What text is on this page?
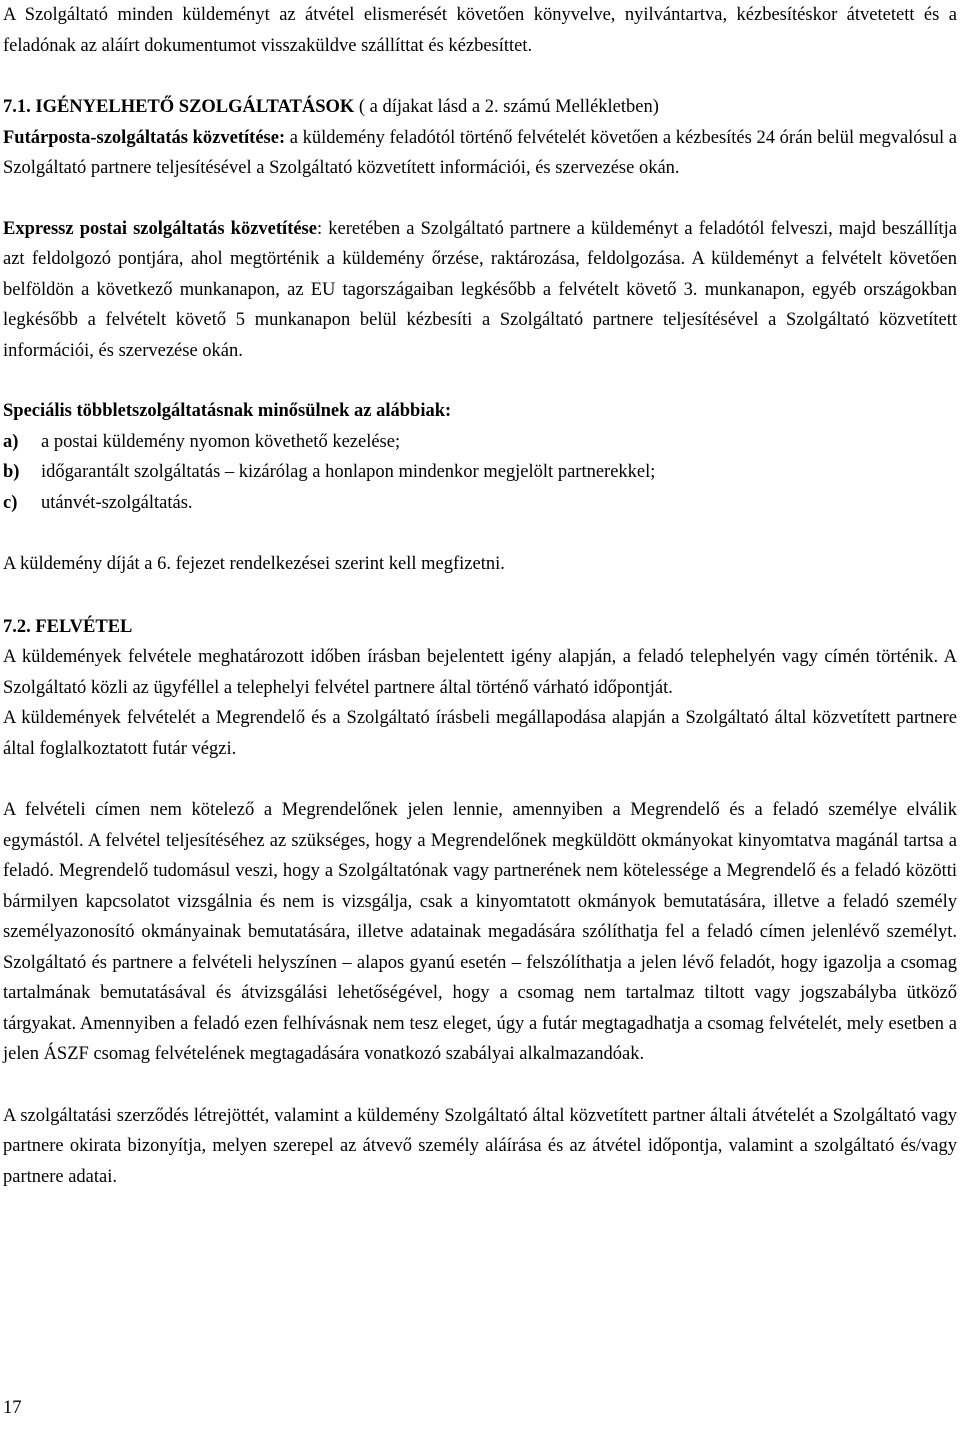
A Szolgáltató minden küldeményt az átvétel elismerését követően könyvelve, nyilvántartva, kézbesítéskor átvetetett és a feladónak az aláírt dokumentumot visszaküldve szállíttat és kézbesíttet.

7.1. IGÉNYELHETŐ SZOLGÁLTATÁSOK ( a díjakat lásd a 2. számú Mellékletben)

Futárposta-szolgáltatás közvetítése: a küldemény feladótól történő felvételét követően a kézbesítés 24 órán belül megvalósul a Szolgáltató partnere teljesítésével a Szolgáltató közvetített információi, és szervezése okán.

Expressz postai szolgáltatás közvetítése: keretében a Szolgáltató partnere a küldeményt a feladótól felveszi, majd beszállítja azt feldolgozó pontjára, ahol megtörténik a küldemény őrzése, raktározása, feldolgozása. A küldeményt a felvételt követően belföldön a következő munkanapon, az EU tagországaiban legkésőbb a felvételt követő 3. munkanapon, egyéb országokban legkésőbb a felvételt követő 5 munkanapon belül kézbesíti a Szolgáltató partnere teljesítésével a Szolgáltató közvetített információi, és szervezése okán.

Speciális többletszolgáltatásnak minősülnek az alábbiak:

a)	a postai küldemény nyomon követhető kezelése;
b)	időgarantált szolgáltatás – kizárólag a honlapon mindenkor megjelölt partnerekkel;
c)	utánvét-szolgáltatás.

A küldemény díját a 6. fejezet rendelkezései szerint kell megfizetni.

7.2. FELVÉTEL

A küldemények felvétele meghatározott időben írásban bejelentett igény alapján, a feladó telephelyén vagy címén történik. A Szolgáltató közli az ügyféllel a telephelyi felvétel partnere által történő várható időpontját.

A küldemények felvételét a Megrendelő és a Szolgáltató írásbeli megállapodása alapján a Szolgáltató által közvetített partnere által foglalkoztatott futár végzi.

A felvételi címen nem kötelező a Megrendelőnek jelen lennie, amennyiben a Megrendelő és a feladó személye elválik egymástól. A felvétel teljesítéséhez az szükséges, hogy a Megrendelőnek megküldött okmányokat kinyomtatva magánál tartsa a feladó. Megrendelő tudomásul veszi, hogy a Szolgáltatónak vagy partnerének nem kötelessége a Megrendelő és a feladó közötti bármilyen kapcsolatot vizsgálnia és nem is vizsgálja, csak a kinyomtatott okmányok bemutatására, illetve a feladó személy személyazonosító okmányainak bemutatására, illetve adatainak megadására szólíthatja fel a feladó címen jelenlévő személyt. Szolgáltató és partnere a felvételi helyszínen – alapos gyanú esetén – felszólíthatja a jelen lévő feladót, hogy igazolja a csomag tartalmának bemutatásával és átvizsgálási lehetőségével, hogy a csomag nem tartalmaz tiltott vagy jogszabályba ütköző tárgyakat. Amennyiben a feladó ezen felhívásnak nem tesz eleget, úgy a futár megtagadhatja a csomag felvételét, mely esetben a jelen ÁSZF csomag felvételének megtagadására vonatkozó szabályai alkalmazandóak.

A szolgáltatási szerződés létrejöttét, valamint a küldemény Szolgáltató által közvetített partner általi átvételét a Szolgáltató vagy partnere okirata bizonyítja, melyen szerepel az átvevő személy aláírása és az átvétel időpontja, valamint a szolgáltató és/vagy partnere adatai.

17
